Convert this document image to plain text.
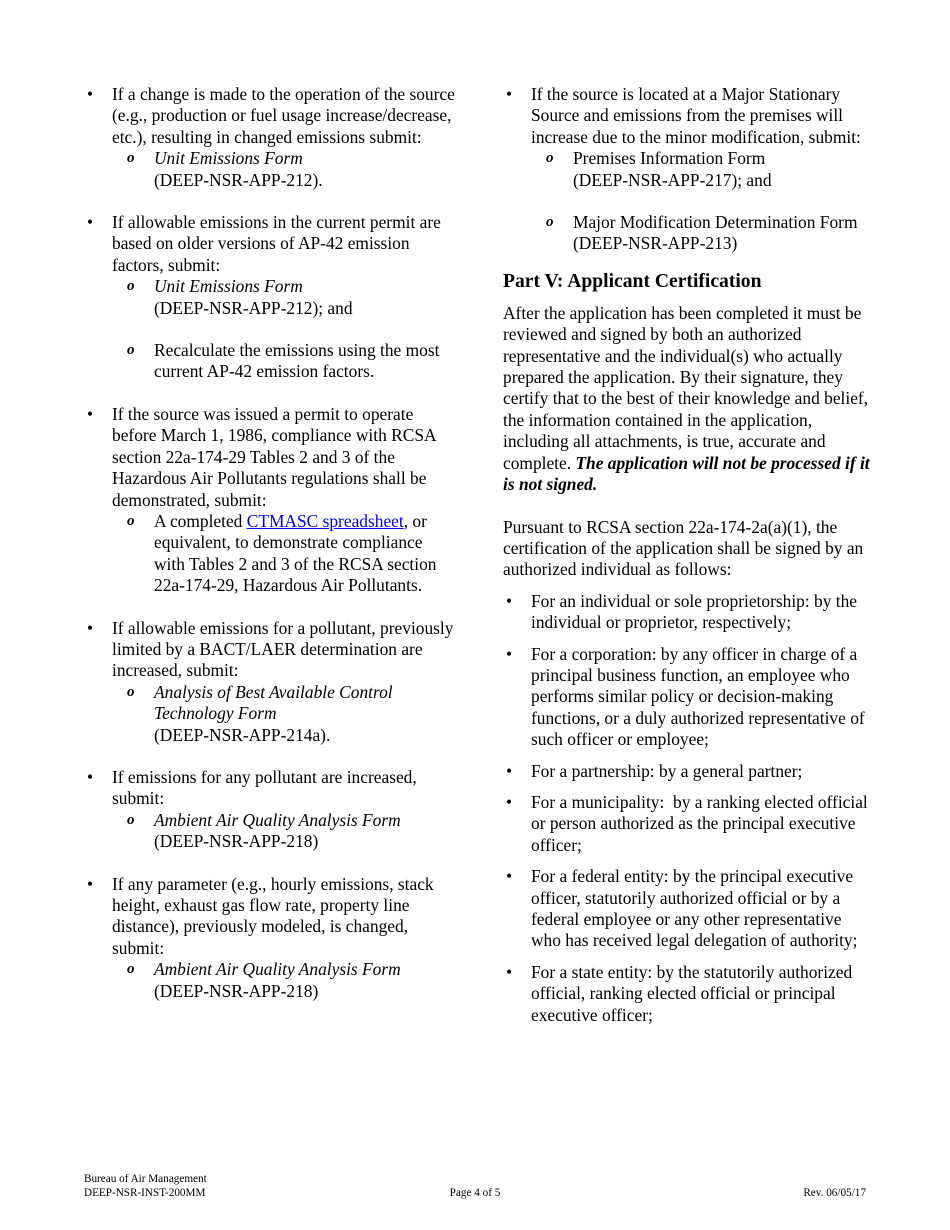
• If a change is made to the operation of the source (e.g., production or fuel usage increase/decrease, etc.), resulting in changed emissions submit:
o Unit Emissions Form
(DEEP-NSR-APP-212).
• If allowable emissions in the current permit are based on older versions of AP-42 emission factors, submit:
o Unit Emissions Form
(DEEP-NSR-APP-212); and
o Recalculate the emissions using the most current AP-42 emission factors.
• If the source was issued a permit to operate before March 1, 1986, compliance with RCSA section 22a-174-29 Tables 2 and 3 of the Hazardous Air Pollutants regulations shall be demonstrated, submit:
o A completed CTMASC spreadsheet, or equivalent, to demonstrate compliance with Tables 2 and 3 of the RCSA section 22a-174-29, Hazardous Air Pollutants.
• If allowable emissions for a pollutant, previously limited by a BACT/LAER determination are increased, submit:
o Analysis of Best Available Control Technology Form
(DEEP-NSR-APP-214a).
• If emissions for any pollutant are increased, submit:
o Ambient Air Quality Analysis Form
(DEEP-NSR-APP-218)
• If any parameter (e.g., hourly emissions, stack height, exhaust gas flow rate, property line distance), previously modeled, is changed, submit:
o Ambient Air Quality Analysis Form
(DEEP-NSR-APP-218)
• If the source is located at a Major Stationary Source and emissions from the premises will increase due to the minor modification, submit:
o Premises Information Form
(DEEP-NSR-APP-217); and
o Major Modification Determination Form
(DEEP-NSR-APP-213)
Part V: Applicant Certification

After the application has been completed it must be reviewed and signed by both an authorized representative and the individual(s) who actually prepared the application. By their signature, they certify that to the best of their knowledge and belief, the information contained in the application, including all attachments, is true, accurate and complete. The application will not be processed if it is not signed.

Pursuant to RCSA section 22a-174-2a(a)(1), the certification of the application shall be signed by an authorized individual as follows:

• For an individual or sole proprietorship: by the individual or proprietor, respectively;
• For a corporation: by any officer in charge of a principal business function, an employee who performs similar policy or decision-making functions, or a duly authorized representative of such officer or employee;
• For a partnership: by a general partner;
• For a municipality:  by a ranking elected official or person authorized as the principal executive officer;
• For a federal entity: by the principal executive officer, statutorily authorized official or by a federal employee or any other representative who has received legal delegation of authority;
• For a state entity: by the statutorily authorized official, ranking elected official or principal executive officer;
Bureau of Air Management
DEEP-NSR-INST-200MM	Page 4 of 5	Rev. 06/05/17
